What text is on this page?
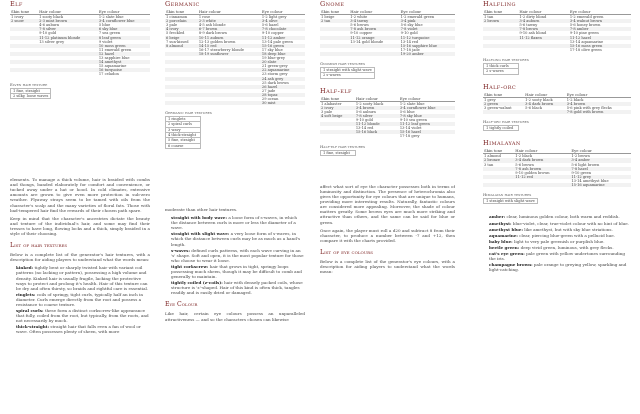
Elf
Skin tone	Hair colour	Eye colour
1 ivory	1 sooty black	1-2 slate blue
2 snow	2-3 mint brown	3-4 cornflower blue
	4-6 auburn	5 blue
	7-8 silver	6 sky blue
	9-10 gold	7 sea green
	11-12 platinum blonde	8 leaf green
	13 silver grey	9 violet
		10 moss green
		11 emerald green
		12 hazel
		13 sapphire blue
		14 amethyst
		15 aquamarine
		16 turquoise
		17 celadon
Elven hair texture
1 fine, straight
2 silky, loose waves

elements. To manage a thick volume, hair is braided with combs and thongs, banded elaborately for comfort and convenience, or tucked away under a hat or hood. In cold climates, extensive amounts are grown to give even more protection in sub-zero weather. Flyaway strays seem to be tamed with oils from the character's scalp and the many varieties of floral fats. Those with bad-tempered hair find the rewards of their chosen path spare.

Keep in mind that the character's ancestries dictate the beauty and texture of the individual's hair, and some may find their tresses to have long, flowing locks and a thick, simply braided in a style of their choosing.

List of hair textures

Below is a complete list of the generator's hair textures, with a description for aiding players to understand what the words mean:

• kinked: tightly bent or sharply twisted hair with variant coil patterns (no lacking or pattern), possessing a high volume and density. Kinked hair is usually fragile, lacking the protective ways to protect and prolong it's health. Hair of this texture can be dry and often thirsty, so braids and rightful care is essential.
• ringlets: coils of springy, tight curls, typically half an inch in diameter. Curls emerge directly from the root and possess a resistance to coarse texture.
• spiral curls: these form a distinct corkscrew-like appearance that fully, coiled from the root, but typically, from the roots, and not necessarily by much.
• thick-straight: straight hair that falls even a fan of wool or wave. Often possesses plenty of sheen, with more
Germanic
Skin tone	Hair colour	Eye colour
1 cinnamon	1 rose	1-2 light grey
2 porcelain	2-3 white	3-4 olive
3 pale	4-5 ash blonde	5-6 hazel
4 ivory	6-7 brown	7-8 chocolate
5 freckled	8-9 dark brown	9-10 copper
6 beige	10-11 auburn	11-12 amber
7 sun-kissed	12-13 golden brown	13-14 pale green
8 almond	14-15 red	15-16 green
	16-17 strawberry blonde	17 sky blue
	18-19 sunflower	18 deep blue
		19 blue-grey
		20 slate
		21 green-grey
		22 aquamarine
		23 storm grey
		24 ash grey
		25 dark brown
		26 hazel
		27 jade
		28 topaz
		29 ocean
		30 mist
Germanic hair textures
1 ringlets
2 spiral curls
3 wavy
4 thick-straight
5 fine, straight
6 coarse

moderate than other hair textures.

• straight with body wave: a loose form of s-waves, in which the distance between curls is more or less the diameter of a wave.
• straight with slight wave: a very loose form of s-waves, in which the distance between curls may be as much as a hand's length.
• s-waves: defined curls patterns, with each wave curving in an 's' shape. Soft and open, it is the most popular texture for those who choose to wear it loose.
• tight corkscrew: hair that grows in tight, springy loops possessing much sheen, though it may be difficult to comb and generally to maintain.
• tightly coiled (z-coils): hair with densely packed coils, whose structure is 'z'-shaped. Hair of this kind is often thick, tangles readily and is easily dried or damaged.
Eye Colour

Like hair, certain eye colours possess an unparalleled attractiveness — and so the characters chosen can likewise

Gnome
Skin tone	Hair colour	Eye colour
1 beige	1-2 white	1-2 emerald green
2 tan	3-4 tawny	3-4 pink
	5-6 brown	5-6 sky blue
	7-8 ash brown	7-8 violet
	9-10 copper	9-10 gold
	11-12 orange	11-12 turquoise
	13-14 gold blonde	13-14 red
		15-16 sapphire blue
		17-18 jade
		19-20 amber
Gnomish hair textures
1 straight with slight wave
2 s-waves
Half-elf
Skin tone	Hair colour	Eye colour
1 alabaster	1-2 sooty black	1-2 slate blue
2 ivory	3-4 brown	3-4 cornflower blue
3 pale	5-6 auburn	5-6 blue
4 soft beige	7-8 silver	7-8 sky blue
	9-10 gold	9-10 sea green
	11-12 blonde	11-12 leaf green
	13-14 red	13-14 violet
	15-16 black	15-16 hazel
		17-18 grey
Half-elf hair textures
1 fine, straight

affect what sort of eye the character possesses both in terms of luminosity and distinction. The presence of heterochromia also gives the opportunity for eye colours that are unique to humans, providing more interesting results. Naturally, fantastic colours are considered more appealing. Moreover, the shade of colour matters greatly. Some brown eyes are much more striking and attractive than others, and the same can be said for blue or green.

Once again, the player must roll a d20 and subtract 8 from their character, to produce a number between -7 and +12, then compare it with the charts provided.

List of eye colours

Below is a complete list of the generator's eye colours, with a description for aiding players to understand what the words mean:

Halfling
Skin tone	Hair colour	Eye colour
1 tan	1-2 dirty blond	1-2 emerald green
2 brown	3-4 auburn	3-4 walnut brown
	5-6 tawny	5-6 honey brown
	7-8 brown	7-8 amber
	9-10 ash blond	9-10 pine green
	11-12 flaxen	11-12 hazel
		13-14 aquamarine
		15-16 moss green
		17-18 olive green
Halfling hair textures
1 thick curls
2 s-waves
Half-orc
Skin tone	Hair colour	Eye colour
1 grey	1-2 sooty black	1-2 black
2 green	3-4 dark brown	3-4 brown
3 green-walnut	5-6 black	5-6 pink with grey flecks
		7-8 gold with brown
Half-orc hair textures
1 tightly coiled
Himalayan
Skin tone	Hair colour	Eye colour
1 almond	1-2 black	1-2 brown
2 bronze	3-4 dark brown	3-4 amber
3 tan	5-6 brown	5-6 light brown
	7-8 ash brown	7-8 hazel
	9-10 golden brown	9-10 green
	11-12 red	11-12 grey
		13-14 amethyst blue
		15-16 aquamarine
Himalayan hair textures
1 straight with slight wave
• amber: clear, luminous golden colour, both warm and reddish.
• amethyst: blue-violet, clear, true-violet colour with no hint of blue.
• amethyst blue: like amethyst, but with sky blue striations.
• aquamarine: clear, piercing blue-green with a pellucid hue.
• baby blue: light to very pale greenish or purplish blue.
• beetle green: deep vivid green, luminous, with grey flecks.
• cat's eye green: pale green with yellow undertones surrounding the iris.
• champagne brown: pale orange to greying yellow, sparkling and light-catching.
